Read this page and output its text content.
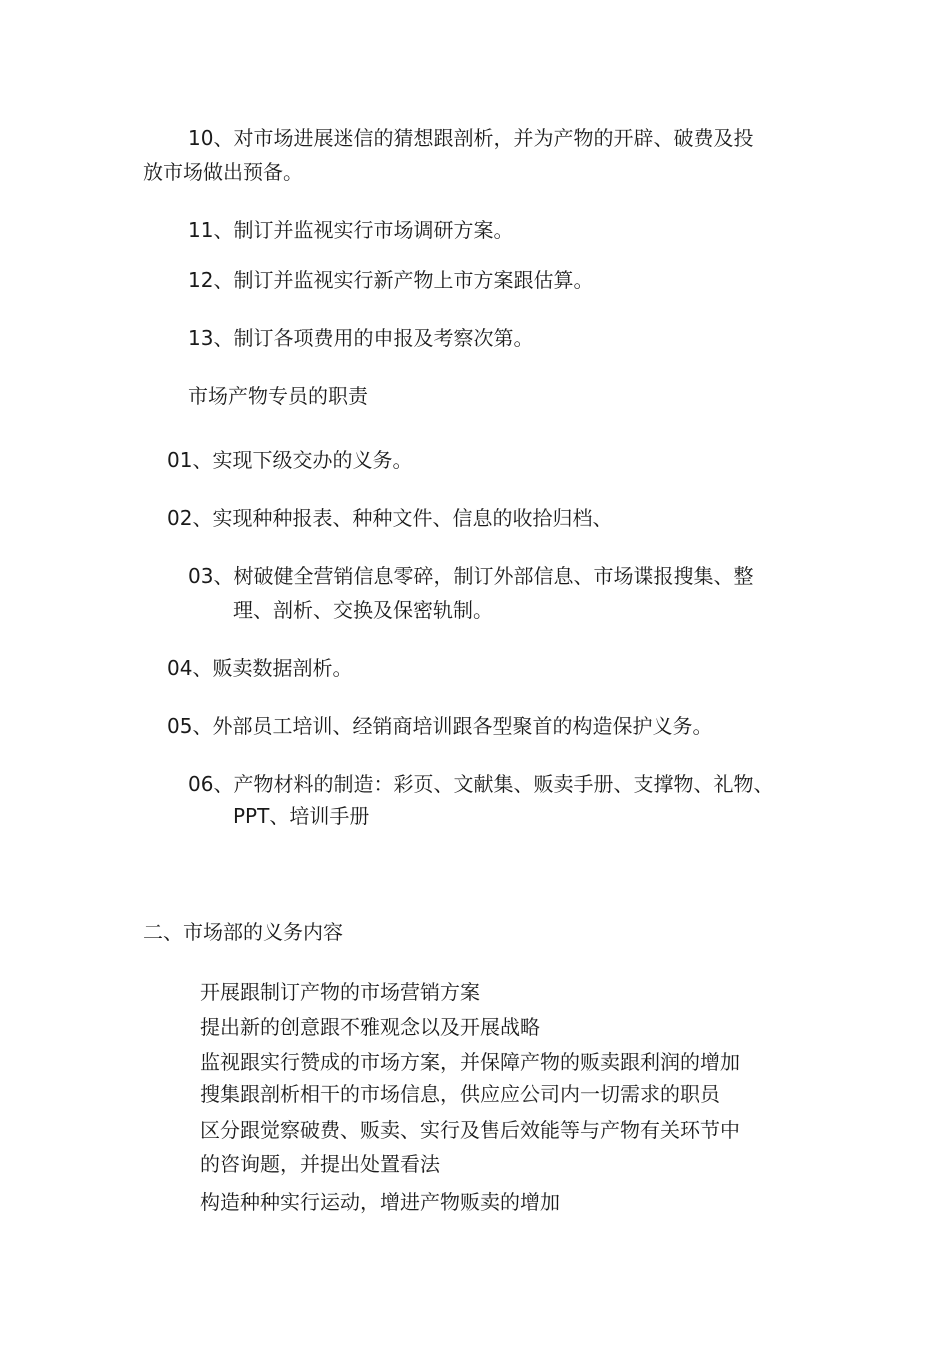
10、对市场进展迷信的猜想跟剖析，并为产物的开辟、破费及投
放市场做出预备。
11、制订并监视实行市场调研方案。
12、制订并监视实行新产物上市方案跟估算。
13、制订各项费用的申报及考察次第。
市场产物专员的职责
01、实现下级交办的义务。
02、实现种种报表、种种文件、信息的收拾归档、
03、树破健全营销信息零碎，制订外部信息、市场谍报搜集、整
理、剖析、交换及保密轨制。
04、贩卖数据剖析。
05、外部员工培训、经销商培训跟各型聚首的构造保护义务。
06、产物材料的制造：彩页、文献集、贩卖手册、支撑物、礼物、
PPT、培训手册
二、市场部的义务内容
开展跟制订产物的市场营销方案
提出新的创意跟不雅观念以及开展战略
监视跟实行赞成的市场方案，并保障产物的贩卖跟利润的增加
搜集跟剖析相干的市场信息，供应应公司内一切需求的职员
区分跟觉察破费、贩卖、实行及售后效能等与产物有关环节中
的咨询题，并提出处置看法
构造种种实行运动，增进产物贩卖的增加
